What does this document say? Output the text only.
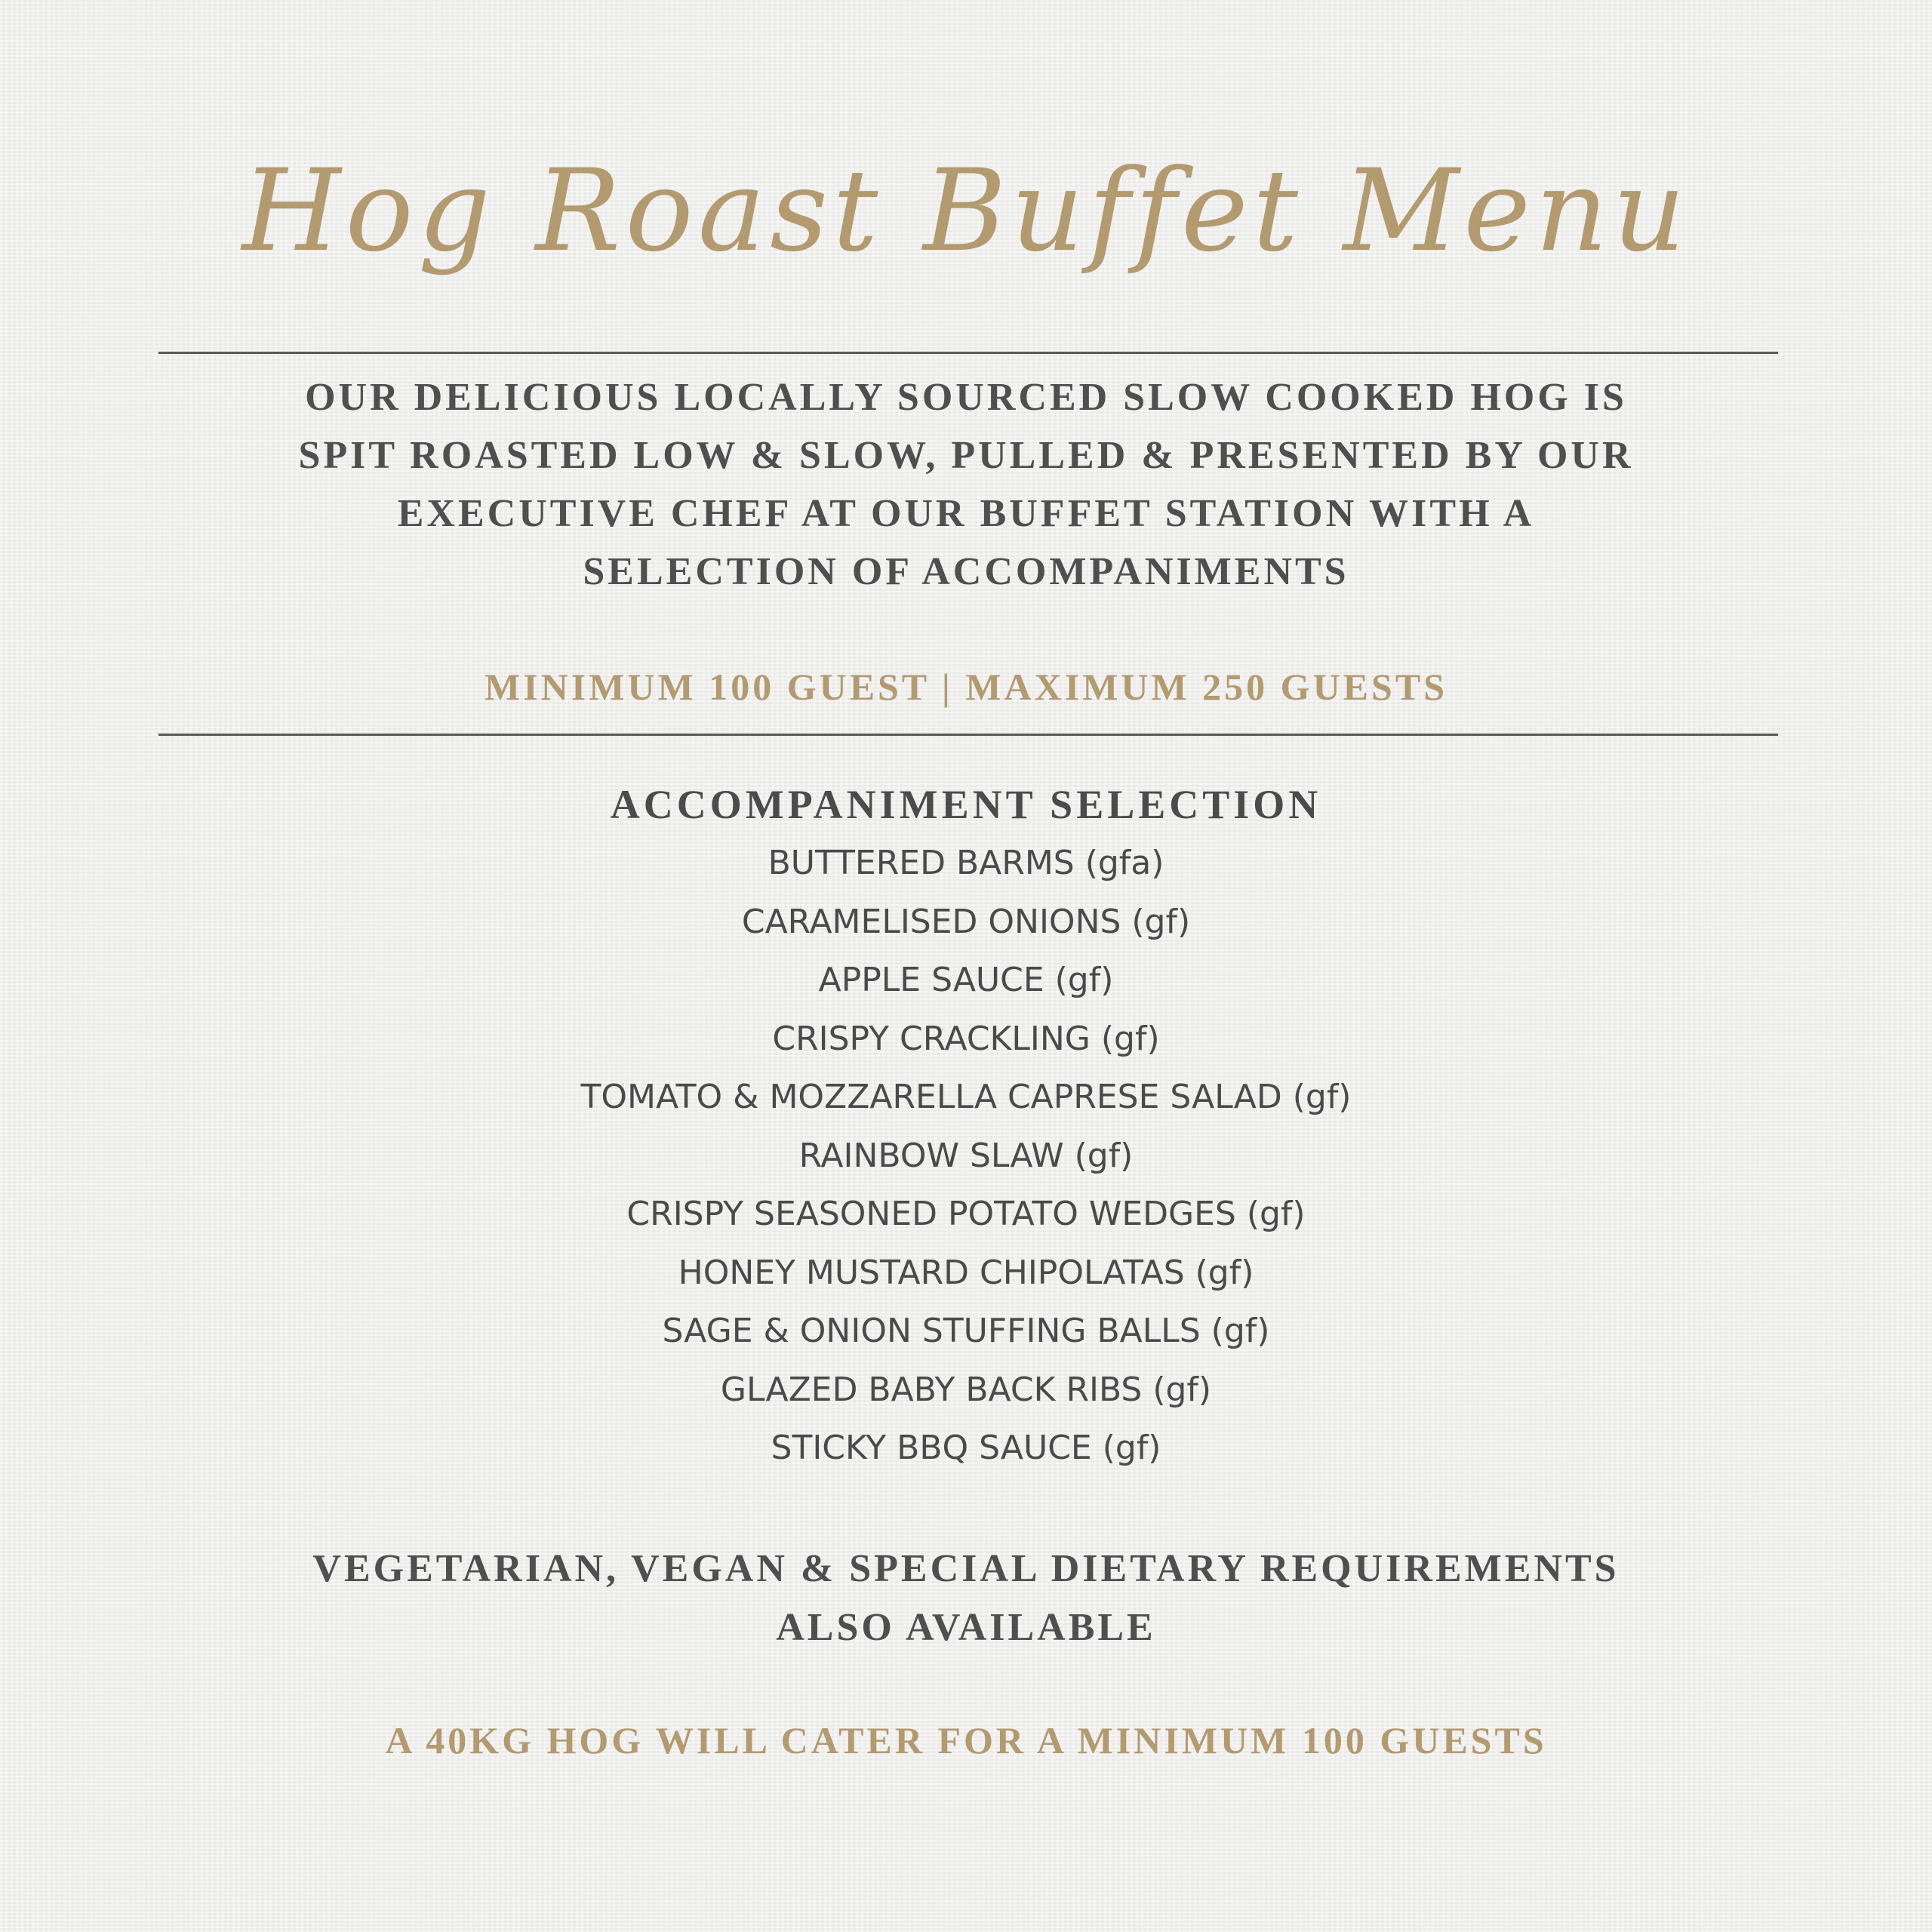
Hog Roast Buffet Menu
OUR DELICIOUS LOCALLY SOURCED SLOW COOKED HOG IS
SPIT ROASTED LOW & SLOW, PULLED & PRESENTED BY OUR
EXECUTIVE CHEF AT OUR BUFFET STATION WITH A
SELECTION OF ACCOMPANIMENTS
MINIMUM 100 GUEST | MAXIMUM 250 GUESTS
ACCOMPANIMENT SELECTION
BUTTERED BARMS (gfa)
CARAMELISED ONIONS (gf)
APPLE SAUCE (gf)
CRISPY CRACKLING (gf)
TOMATO & MOZZARELLA CAPRESE SALAD (gf)
RAINBOW SLAW (gf)
CRISPY SEASONED POTATO WEDGES (gf)
HONEY MUSTARD CHIPOLATAS (gf)
SAGE & ONION STUFFING BALLS (gf)
GLAZED BABY BACK RIBS (gf)
STICKY BBQ SAUCE (gf)
VEGETARIAN, VEGAN & SPECIAL DIETARY REQUIREMENTS
ALSO AVAILABLE
A 40KG HOG WILL CATER FOR A MINIMUM 100 GUESTS
